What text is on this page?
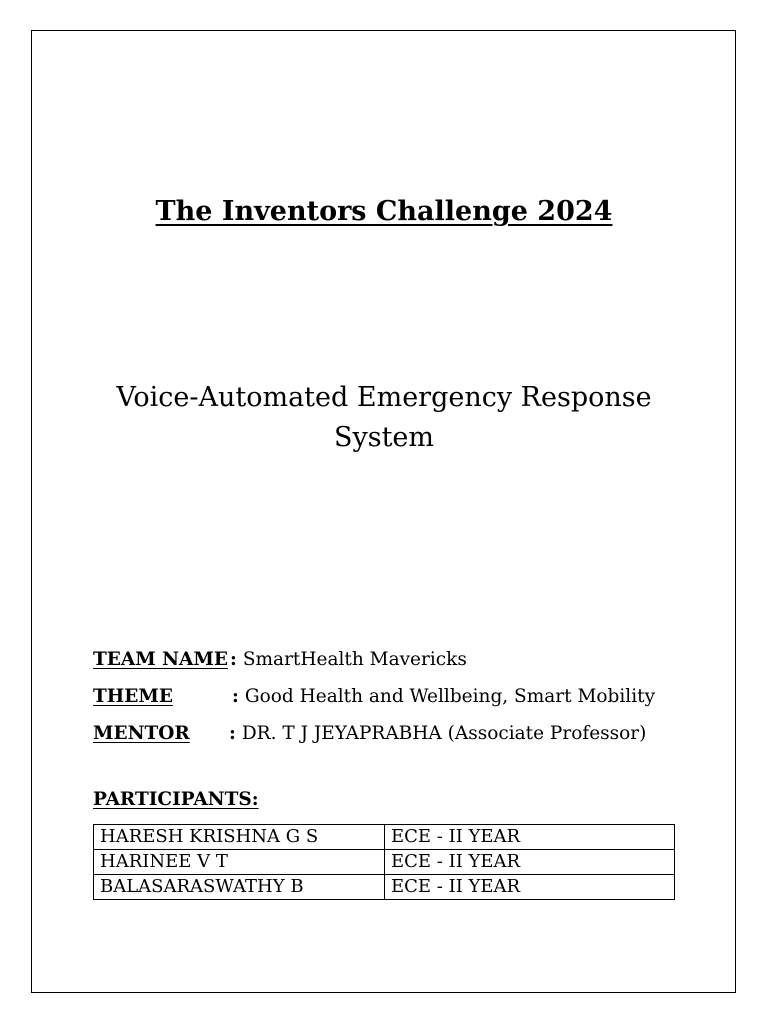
The Inventors Challenge 2024
Voice-Automated Emergency Response System
TEAM NAME : SmartHealth Mavericks
THEME	: Good Health and Wellbeing, Smart Mobility
MENTOR : DR. T J JEYAPRABHA (Associate Professor)
PARTICIPANTS:
HARESH KRISHNA G S	ECE - II YEAR
HARINEE V T	ECE - II YEAR
BALASARASWATHY B	ECE - II YEAR
